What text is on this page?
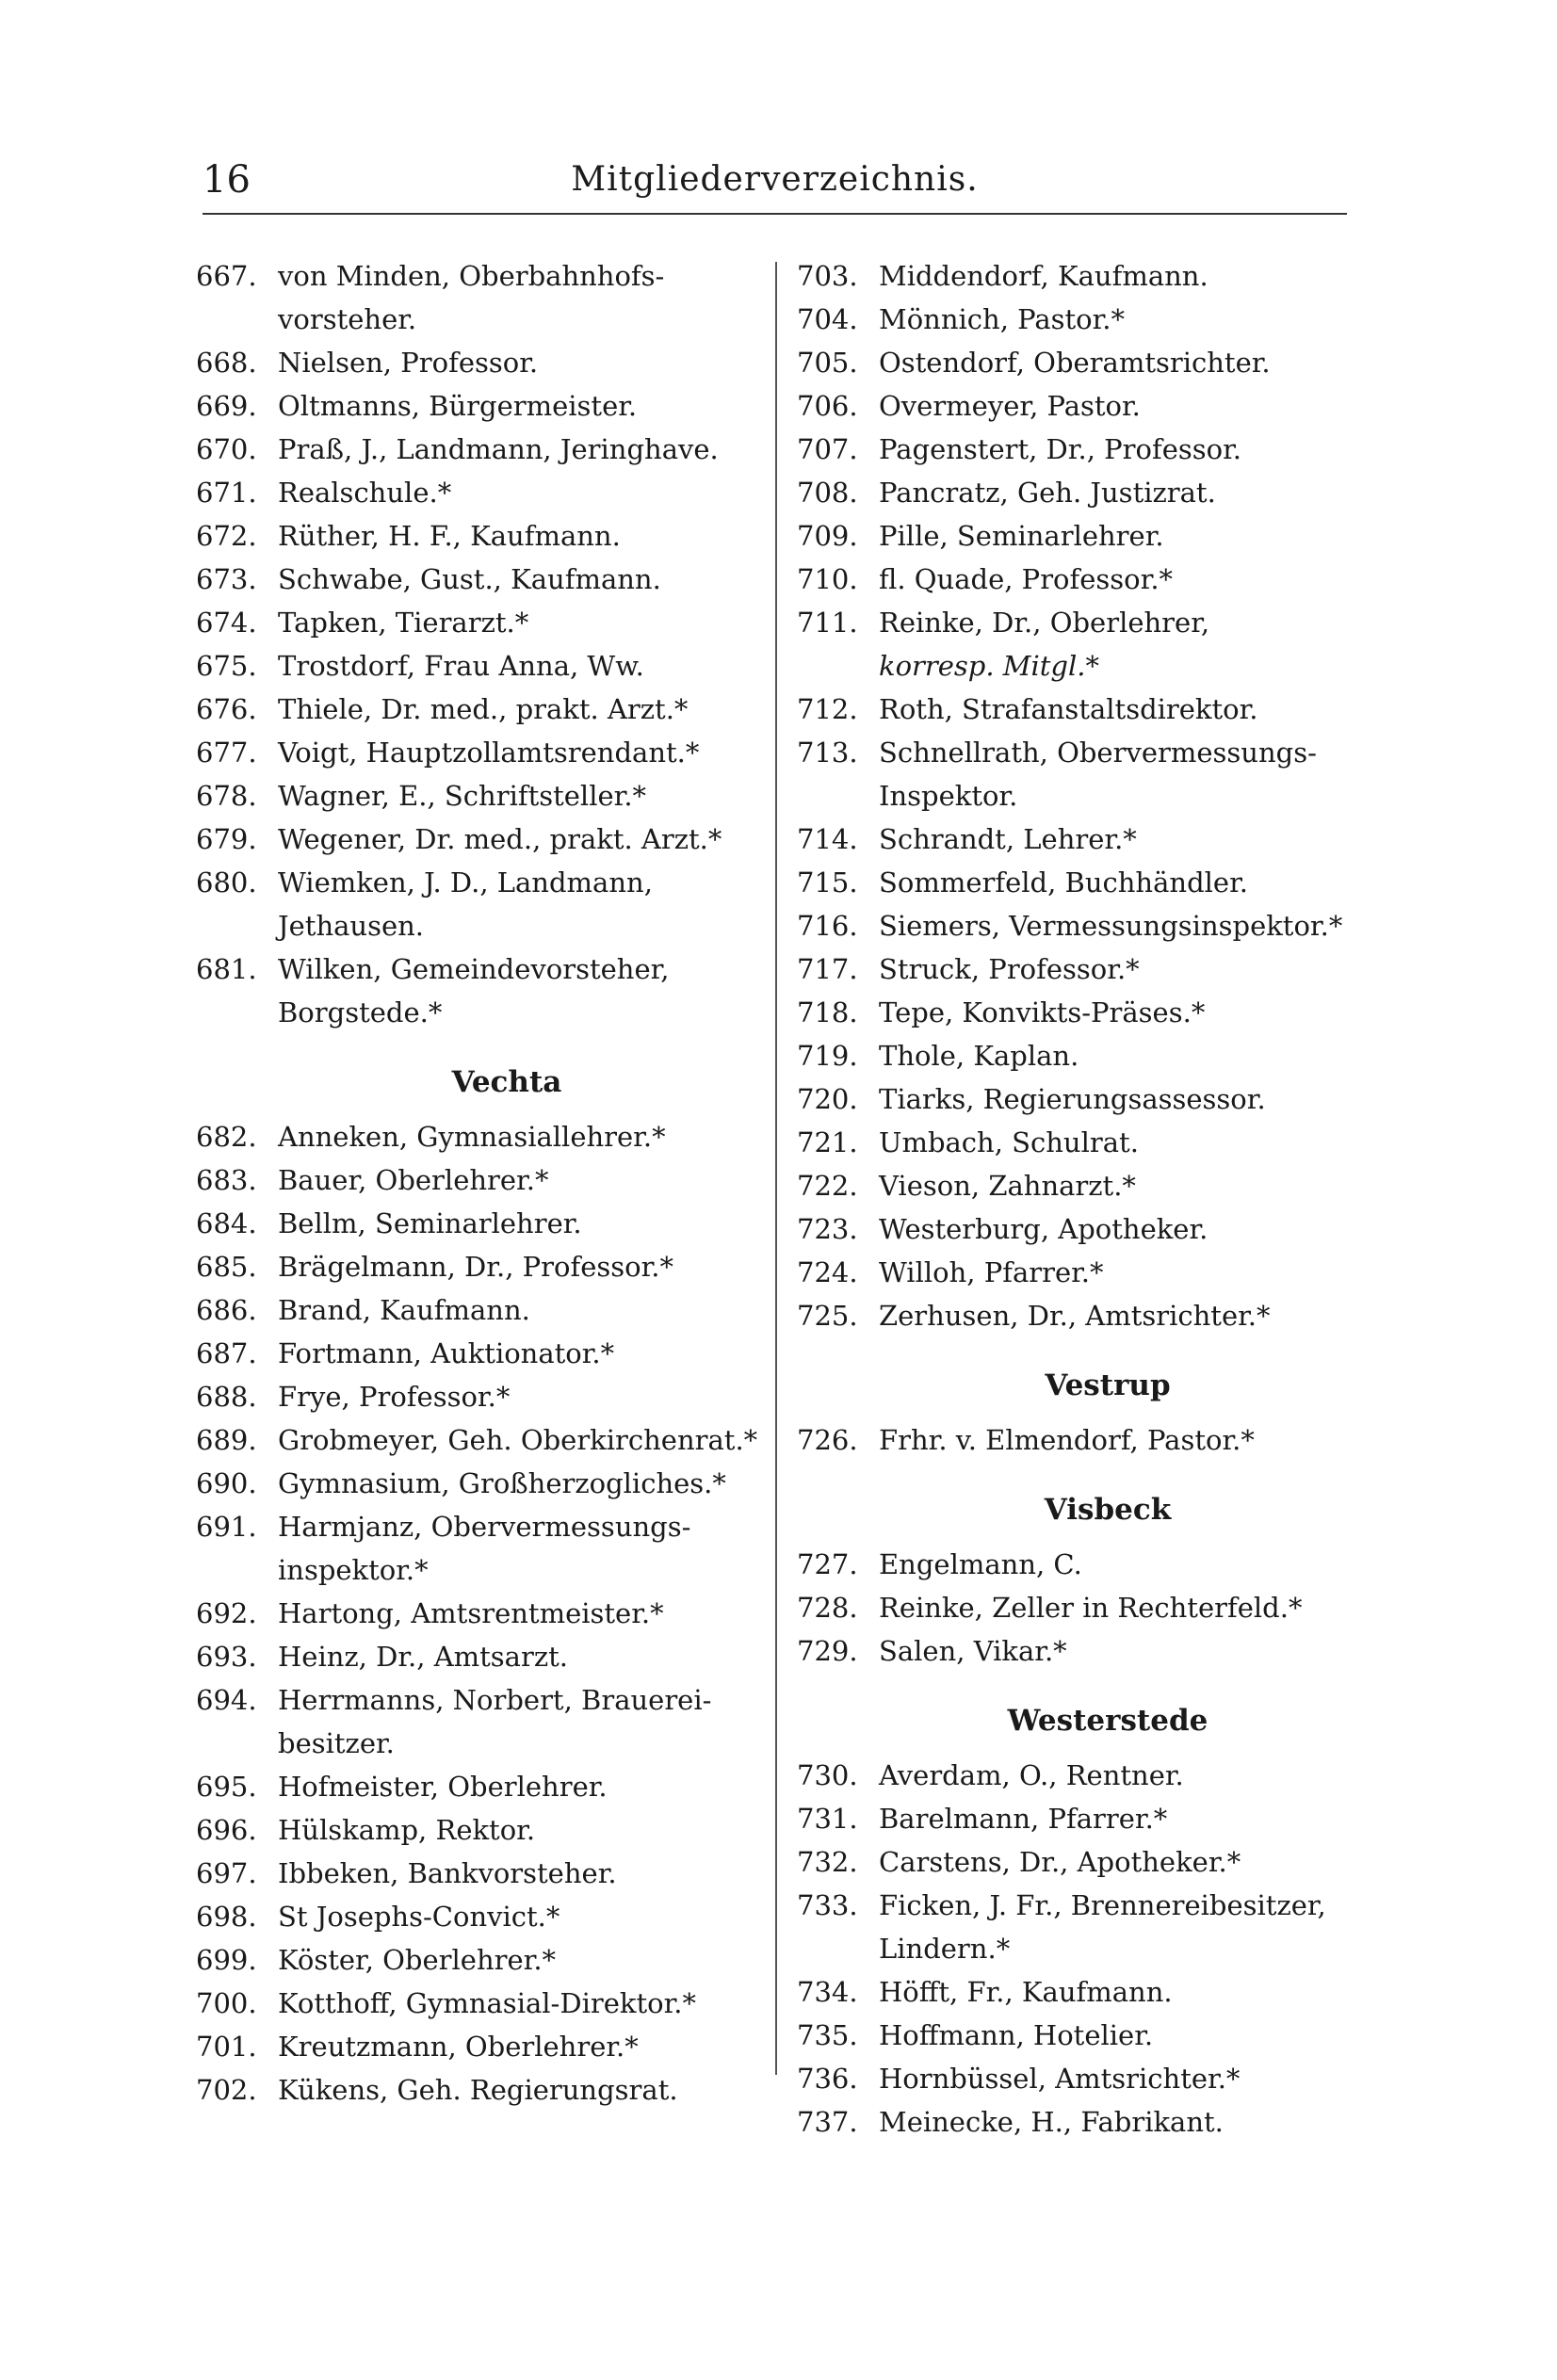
16	Mitgliederverzeichnis.
667. von Minden, Oberbahnhofs-
vorsteher.
668. Nielsen, Professor.
669. Oltmanns, Bürgermeister.
670. Praß, J., Landmann, Jeringhave.
671. Realschule.*
672. Rüther, H. F., Kaufmann.
673. Schwabe, Gust., Kaufmann.
674. Tapken, Tierarzt.*
675. Trostdorf, Frau Anna, Ww.
676. Thiele, Dr. med., prakt. Arzt.*
677. Voigt, Hauptzollamtsrendant.*
678. Wagner, E., Schriftsteller.*
679. Wegener, Dr. med., prakt. Arzt.*
680. Wiemken, J. D., Landmann,
Jethausen.
681. Wilken, Gemeindevorsteher,
Borgstede.*
Vechta
682. Anneken, Gymnasiallehrer.*
683. Bauer, Oberlehrer.*
684. Bellm, Seminarlehrer.
685. Brägelmann, Dr., Professor.*
686. Brand, Kaufmann.
687. Fortmann, Auktionator.*
688. Frye, Professor.*
689. Grobmeyer, Geh. Oberkirchenrat.*
690. Gymnasium, Großherzogliches.*
691. Harmjanz, Obervermessungs-
inspektor.*
692. Hartong, Amtsrentmeister.*
693. Heinz, Dr., Amtsarzt.
694. Herrmanns, Norbert, Brauerei-
besitzer.
695. Hofmeister, Oberlehrer.
696. Hülskamp, Rektor.
697. Ibbeken, Bankvorsteher.
698. St Josephs-Convict.*
699. Köster, Oberlehrer.*
700. Kotthoff, Gymnasial-Direktor.*
701. Kreutzmann, Oberlehrer.*
702. Kükens, Geh. Regierungsrat.
703. Middendorf, Kaufmann.
704. Mönnich, Pastor.*
705. Ostendorf, Oberamtsrichter.
706. Overmeyer, Pastor.
707. Pagenstert, Dr., Professor.
708. Pancratz, Geh. Justizrat.
709. Pille, Seminarlehrer.
710. fl. Quade, Professor.*
711. Reinke, Dr., Oberlehrer,
korresp. Mitgl.*
712. Roth, Strafanstaltsdirektor.
713. Schnellrath, Obervermessungs-
Inspektor.
714. Schrandt, Lehrer.*
715. Sommerfeld, Buchhändler.
716. Siemers, Vermessungsinspektor.*
717. Struck, Professor.*
718. Tepe, Konvikts-Präses.*
719. Thole, Kaplan.
720. Tiarks, Regierungsassessor.
721. Umbach, Schulrat.
722. Vieson, Zahnarzt.*
723. Westerburg, Apotheker.
724. Willoh, Pfarrer.*
725. Zerhusen, Dr., Amtsrichter.*
Vestrup
726. Frhr. v. Elmendorf, Pastor.*
Visbeck
727. Engelmann, C.
728. Reinke, Zeller in Rechterfeld.*
729. Salen, Vikar.*
Westerstede
730. Averdam, O., Rentner.
731. Barelmann, Pfarrer.*
732. Carstens, Dr., Apotheker.*
733. Ficken, J. Fr., Brennereibesitzer,
Lindern.*
734. Höfft, Fr., Kaufmann.
735. Hoffmann, Hotelier.
736. Hornbüssel, Amtsrichter.*
737. Meinecke, H., Fabrikant.
